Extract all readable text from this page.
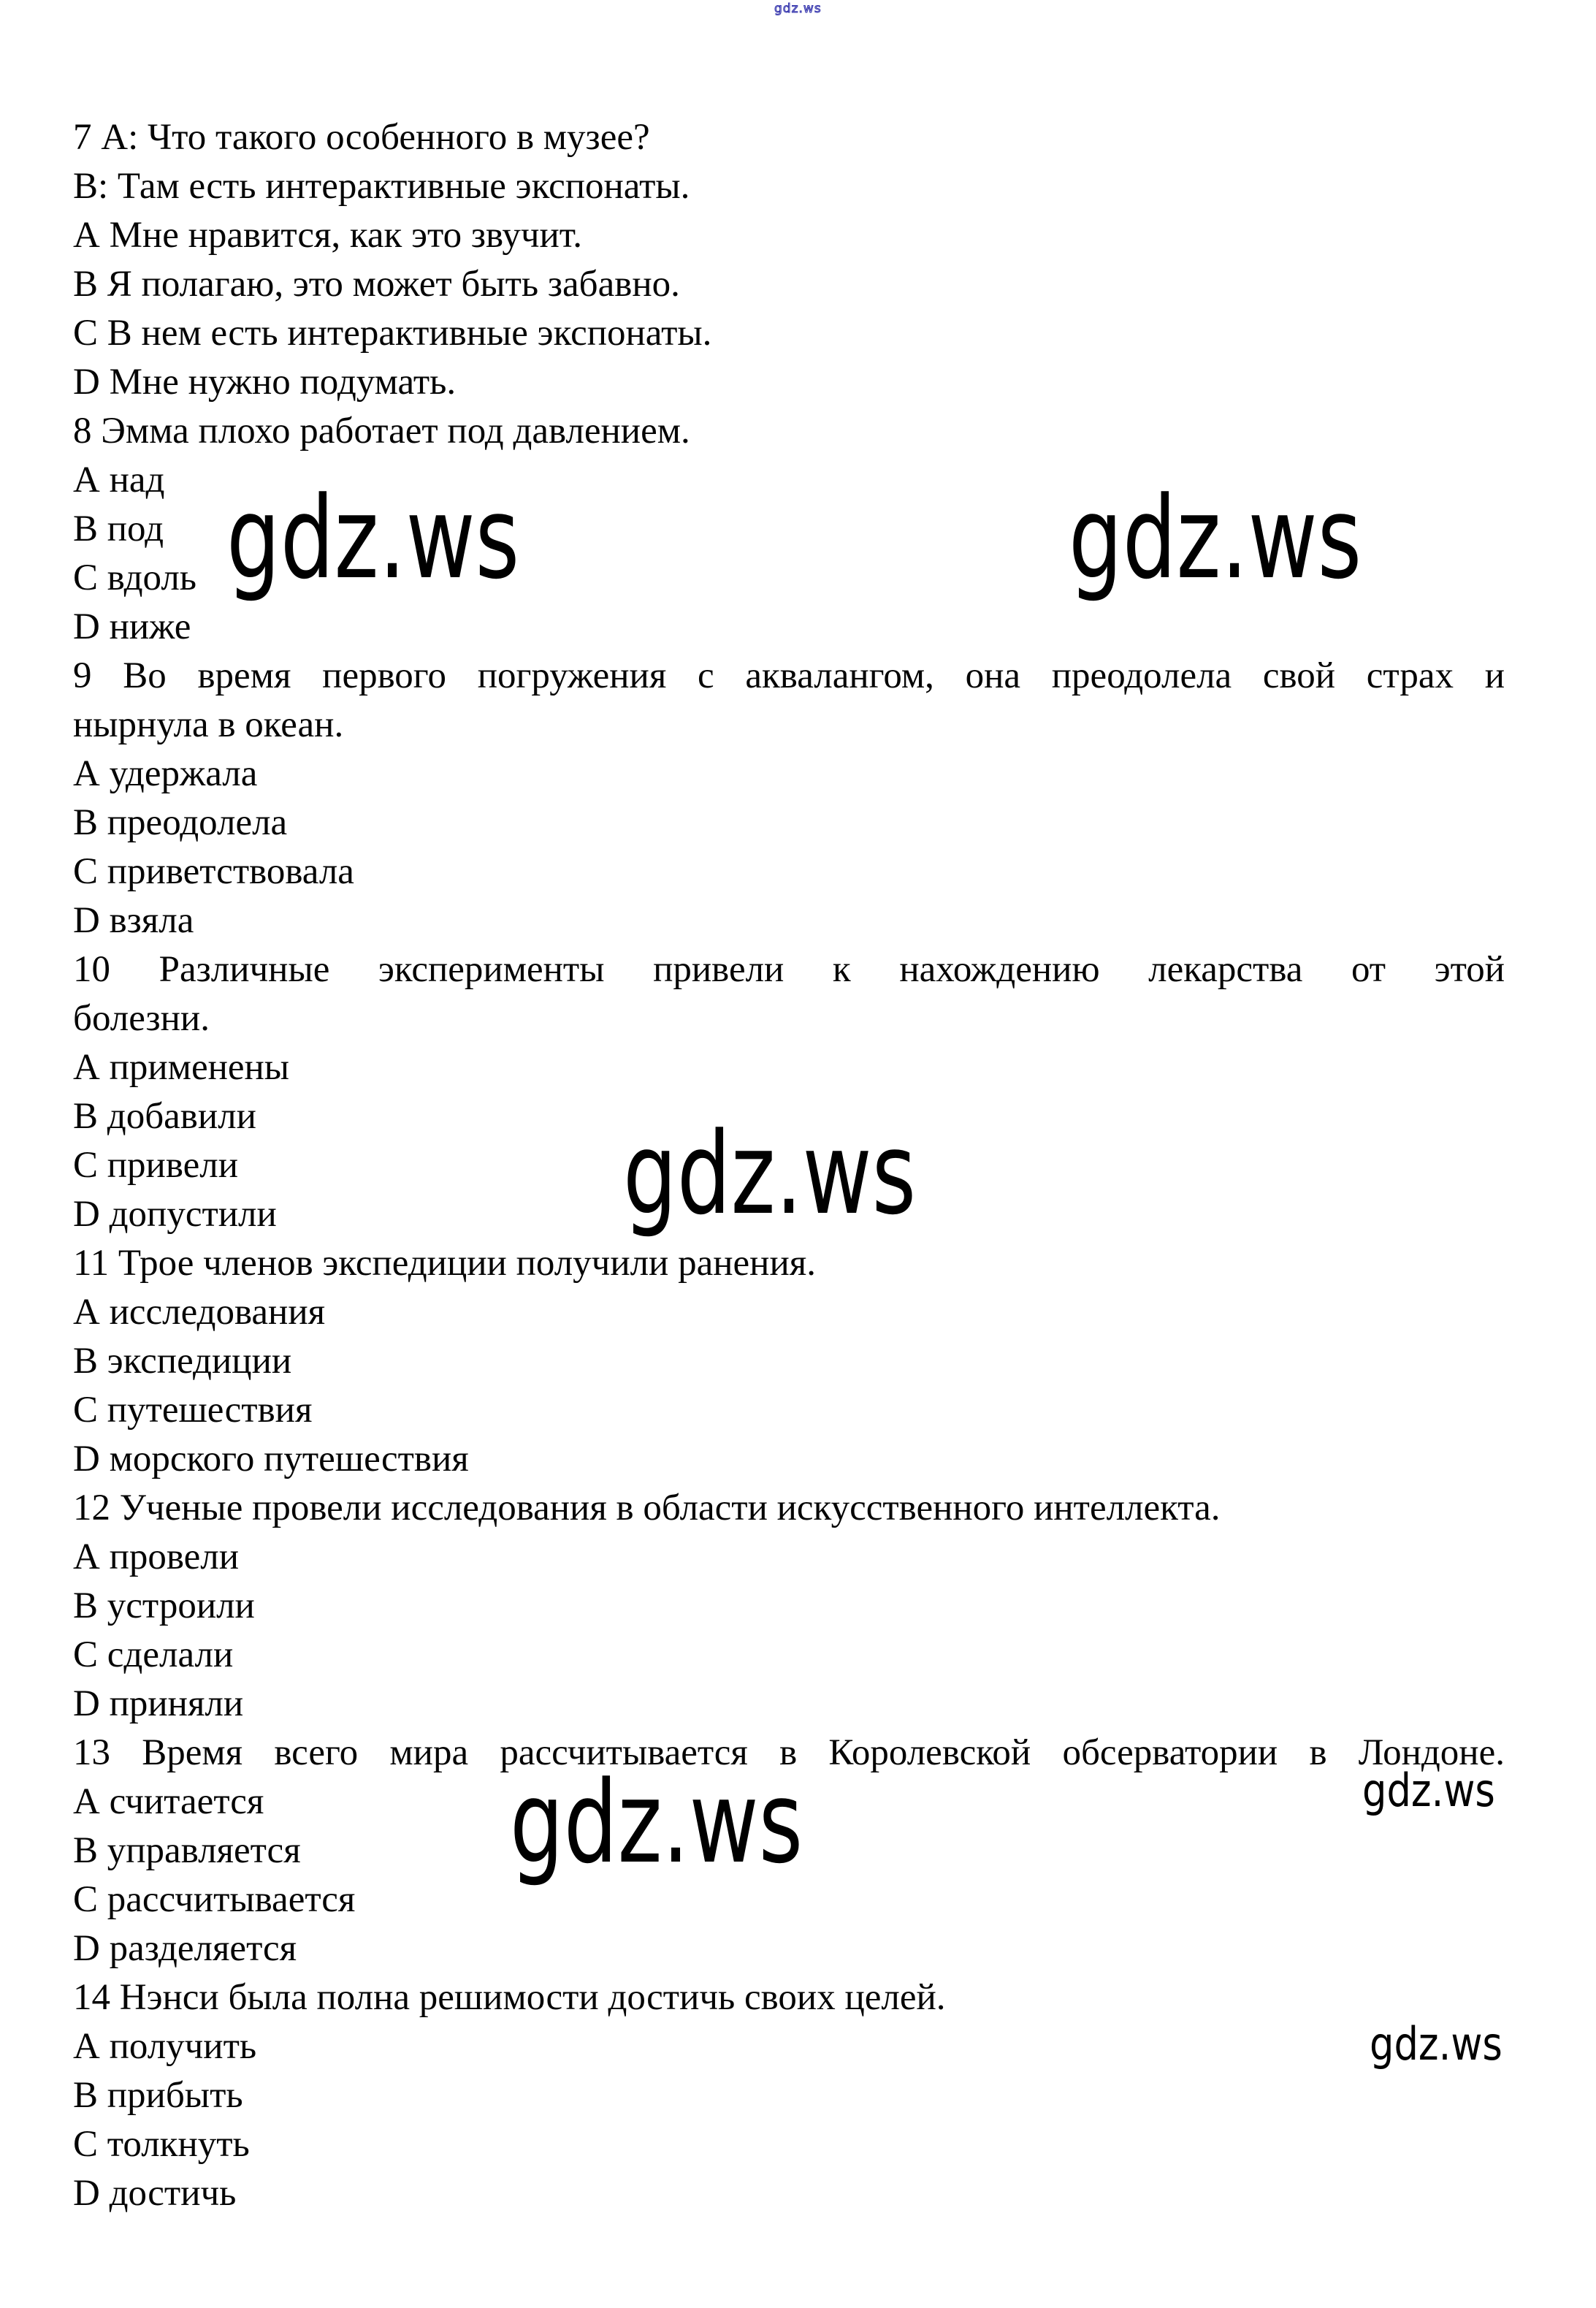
gdz.ws
7 А: Что такого особенного в музее?
В: Там есть интерактивные экспонаты.
А Мне нравится, как это звучит.
В Я полагаю, это может быть забавно.
С В нем есть интерактивные экспонаты.
D Мне нужно подумать.
8 Эмма плохо работает под давлением.
А над
В под
С вдоль
D ниже
9 Во время первого погружения с аквалангом, она преодолела свой страх и
нырнула в океан.
А удержала
В преодолела
С приветствовала
D взяла
10 Различные эксперименты привели к нахождению лекарства от этой
болезни.
А применены
В добавили
С привели
D допустили
11 Трое членов экспедиции получили ранения.
А исследования
В экспедиции
С путешествия
D морского путешествия
12 Ученые провели исследования в области искусственного интеллекта.
А провели
В устроили
С сделали
D приняли
13 Время всего мира рассчитывается в Королевской обсерватории в Лондоне.
А считается
В управляется
С рассчитывается
D разделяется
14 Нэнси была полна решимости достичь своих целей.
А получить
В прибыть
С толкнуть
D достичь
gdz.ws	gdz.ws
gdz.ws
gdz.ws	gdz.ws
gdz.ws
